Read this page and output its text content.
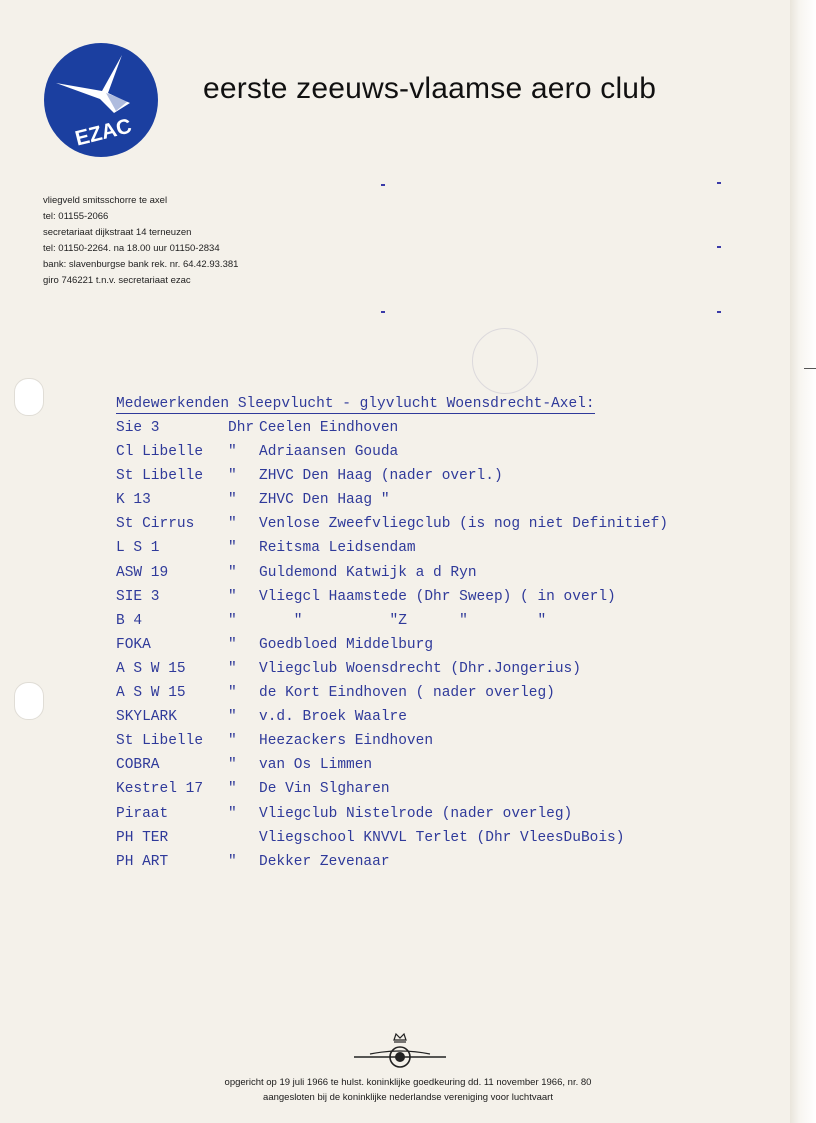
EZAC
eerste zeeuws-vlaamse aero club
vliegveld smitsschorre te axel
tel: 01155-2066
secretariaat dijkstraat 14 terneuzen
tel: 01150-2264. na 18.00 uur 01150-2834
bank: slavenburgse bank rek. nr. 64.42.93.381
giro 746221 t.n.v. secretariaat ezac
Medewerkenden Sleepvlucht - glyvlucht Woensdrecht-Axel:
Sie 3	Dhr Ceelen Eindhoven
Cl Libelle " Adriaansen Gouda
St Libelle " ZHVC Den Haag (nader overl.)
K 13	" ZHVC Den Haag "
St Cirrus " Venlose Zweefvliegclub (is nog niet Definitief)
L S 1	" Reitsma Leidsendam
ASW 19	" Guldemond Katwijk a d Ryn
SIE 3	" Vliegcl Haamstede (Dhr Sweep) ( in overl)
B 4	" "          "Z      "        "
FOKA	" Goedbloed Middelburg
A S W 15	" Vliegclub Woensdrecht (Dhr.Jongerius)
A S W 15	" de Kort Eindhoven ( nader overleg)
SKYLARK	" v.d. Broek Waalre
St Libelle " Heezackers Eindhoven
COBRA	" van Os Limmen
Kestrel 17 " De Vin Slgharen
Piraat	" Vliegclub Nistelrode (nader overleg)
PH TER	Vliegschool KNVVL Terlet (Dhr VleesDuBois)
PH ART	" Dekker Zevenaar
opgericht op 19 juli 1966 te hulst. koninklijke goedkeuring dd. 11 november 1966, nr. 80
aangesloten bij de koninklijke nederlandse vereniging voor luchtvaart
